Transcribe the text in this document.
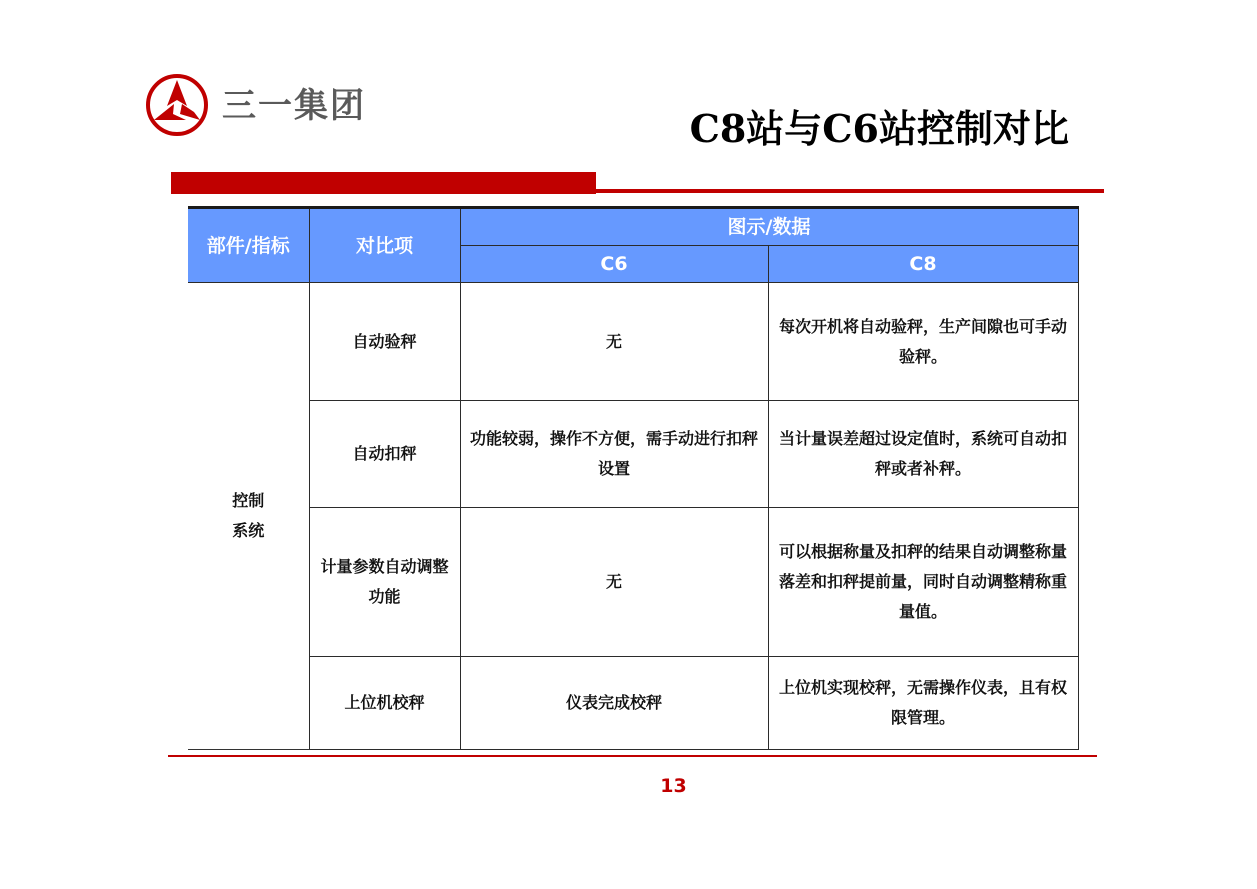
三一集团	C8站与C6站控制对比
部件/指标	对比项	图示/数据	
		C6	C8
控制
系统	自动验秤	无	每次开机将自动验秤，生产间隙也可手动验秤。
	自动扣秤	功能较弱，操作不方便，需手动进行扣秤设置	当计量误差超过设定值时，系统可自动扣秤或者补秤。
	计量参数自动调整功能	无	可以根据称量及扣秤的结果自动调整称量落差和扣秤提前量，同时自动调整精称重量值。
	上位机校秤	仪表完成校秤	上位机实现校秤，无需操作仪表，且有权限管理。
13
